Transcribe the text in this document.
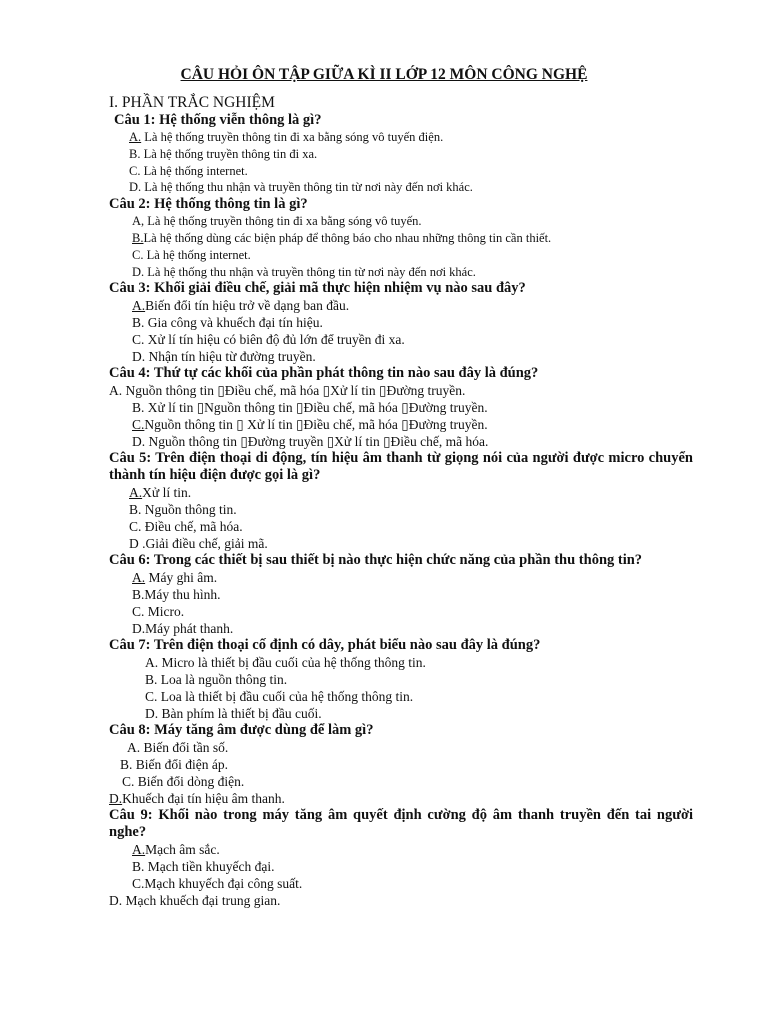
CÂU HỎI ÔN TẬP GIỮA KÌ II LỚP 12 MÔN CÔNG NGHỆ
I. PHẦN TRẮC NGHIỆM
Câu 1: Hệ thống viễn thông là gì?
A. Là hệ thống truyền thông tin đi xa bằng sóng vô tuyến điện.
B. Là hệ thống truyền thông tin đi xa.
C. Là hệ thống internet.
D. Là hệ thống thu nhận và truyền thông tin từ nơi này đến nơi khác.
Câu 2: Hệ thống thông tin là gì?
A, Là hệ thống truyền thông tin đi xa bằng sóng vô tuyến.
B.Là hệ thống dùng các biện pháp để thông báo cho nhau những thông tin cần thiết.
C. Là hệ thống internet.
D. Là hệ thống thu nhận và truyền thông tin từ nơi này đến nơi khác.
Câu 3: Khối giải điều chế, giải mã thực hiện nhiệm vụ nào sau đây?
A.Biến đổi tín hiệu trở về dạng ban đầu.
B. Gia công và khuếch đại tín hiệu.
C. Xử lí tín hiệu có biên độ đủ lớn để truyền đi xa.
D. Nhận tín hiệu từ đường truyền.
Câu 4: Thứ tự các khối của phần phát thông tin nào sau đây là đúng?
A. Nguồn thông tin ▯Điều chế, mã hóa ▯Xử lí tin ▯Đường truyền.
B. Xử lí tin ▯Nguồn thông tin ▯Điều chế, mã hóa ▯Đường truyền.
C.Nguồn thông tin ▯ Xử lí tin ▯Điều chế, mã hóa ▯Đường truyền.
D. Nguồn thông tin ▯Đường truyền ▯Xử lí tin ▯Điều chế, mã hóa.
Câu 5: Trên điện thoại di động, tín hiệu âm thanh từ giọng nói của người được micro chuyển thành tín hiệu điện được gọi là gì?
A.Xử lí tin.
B. Nguồn thông tin.
C. Điều chế, mã hóa.
D .Giải điều chế, giải mã.
Câu 6: Trong các thiết bị sau thiết bị nào thực hiện chức năng của phần thu thông tin?
A. Máy ghi âm.
B.Máy thu hình.
C. Micro.
D.Máy phát thanh.
Câu 7: Trên điện thoại cố định có dây, phát biểu nào sau đây là đúng?
A. Micro là thiết bị đầu cuối của hệ thống thông tin.
B. Loa là nguồn thông tin.
C. Loa là thiết bị đầu cuối của hệ thống thông tin.
D. Bàn phím là thiết bị đầu cuối.
Câu 8: Máy tăng âm được dùng để làm gì?
A. Biến đổi tần số.
B. Biến đổi điện áp.
C. Biến đổi dòng điện.
D.Khuếch đại tín hiệu âm thanh.
Câu 9: Khối nào trong máy tăng âm quyết định cường độ âm thanh truyền đến tai người nghe?
A.Mạch âm sắc.
B. Mạch tiền khuyếch đại.
C.Mạch khuyếch đại công suất.
D. Mạch khuếch đại trung gian.
